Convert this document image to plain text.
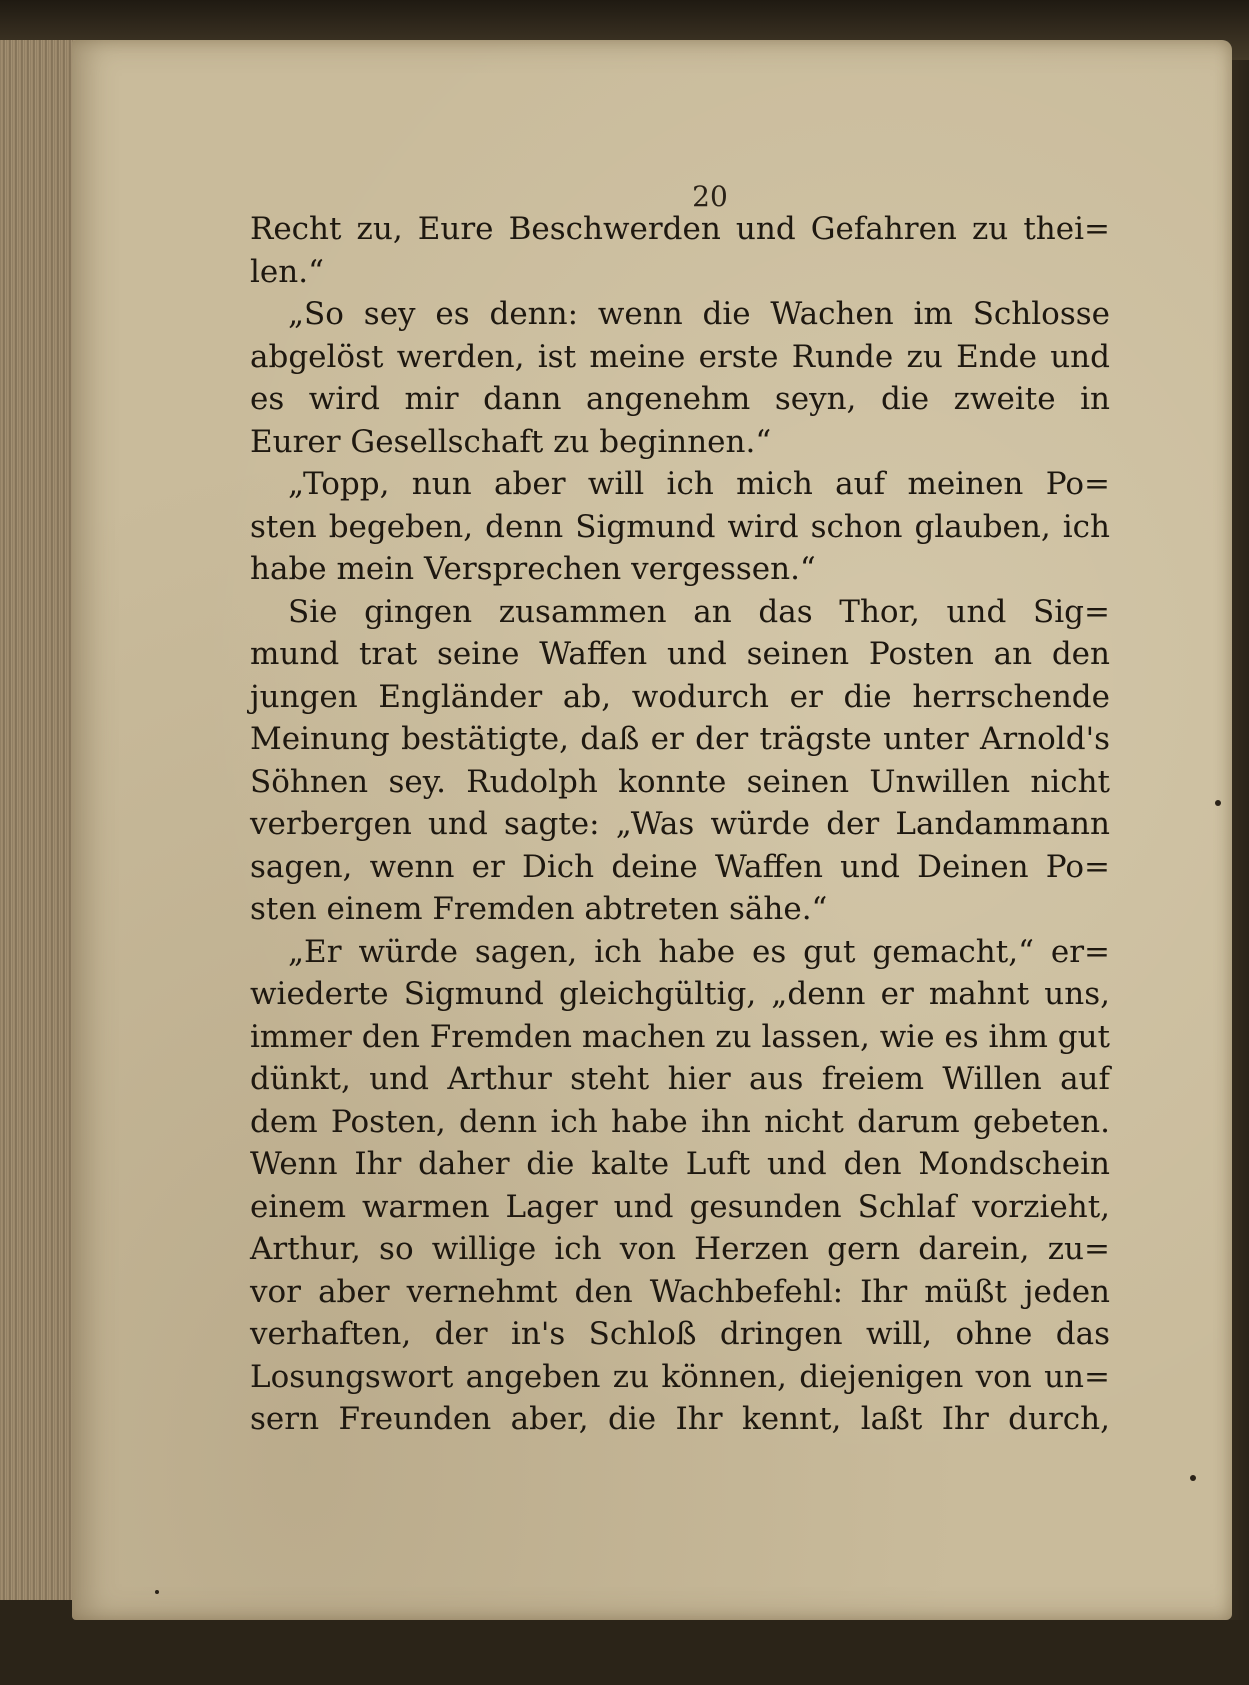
20
Recht zu, Eure Beschwerden und Gefahren zu thei=
len.“
„So sey es denn: wenn die Wachen im Schlosse
abgelöst werden, ist meine erste Runde zu Ende und
es wird mir dann angenehm seyn, die zweite in
Eurer Gesellschaft zu beginnen.“
„Topp, nun aber will ich mich auf meinen Po=
sten begeben, denn Sigmund wird schon glauben, ich
habe mein Versprechen vergessen.“
Sie gingen zusammen an das Thor, und Sig=
mund trat seine Waffen und seinen Posten an den
jungen Engländer ab, wodurch er die herrschende
Meinung bestätigte, daß er der trägste unter Arnold's
Söhnen sey. Rudolph konnte seinen Unwillen nicht
verbergen und sagte: „Was würde der Landammann
sagen, wenn er Dich deine Waffen und Deinen Po=
sten einem Fremden abtreten sähe.“
„Er würde sagen, ich habe es gut gemacht,“ er=
wiederte Sigmund gleichgültig, „denn er mahnt uns,
immer den Fremden machen zu lassen, wie es ihm gut
dünkt, und Arthur steht hier aus freiem Willen auf
dem Posten, denn ich habe ihn nicht darum gebeten.
Wenn Ihr daher die kalte Luft und den Mondschein
einem warmen Lager und gesunden Schlaf vorzieht,
Arthur, so willige ich von Herzen gern darein, zu=
vor aber vernehmt den Wachbefehl: Ihr müßt jeden
verhaften, der in's Schloß dringen will, ohne das
Losungswort angeben zu können, diejenigen von un=
sern Freunden aber, die Ihr kennt, laßt Ihr durch,
